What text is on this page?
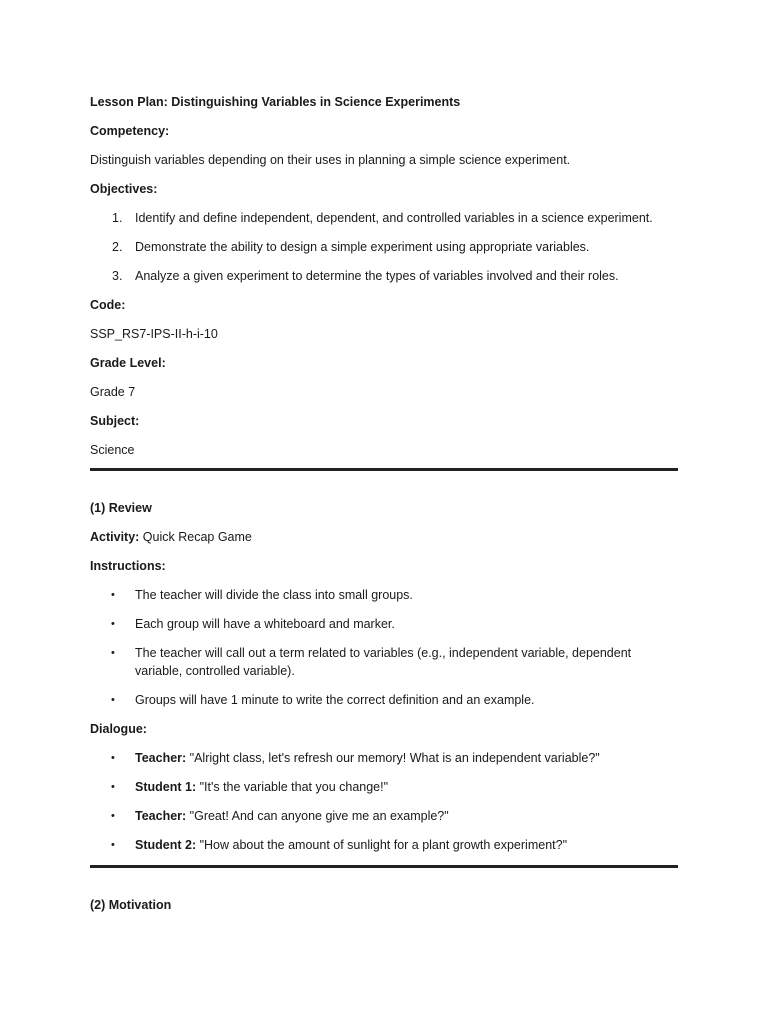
Lesson Plan: Distinguishing Variables in Science Experiments

Competency:

Distinguish variables depending on their uses in planning a simple science experiment.

Objectives:

1. Identify and define independent, dependent, and controlled variables in a science experiment.
2. Demonstrate the ability to design a simple experiment using appropriate variables.
3. Analyze a given experiment to determine the types of variables involved and their roles.

Code:

SSP_RS7-IPS-II-h-i-10

Grade Level:

Grade 7

Subject:

Science

(1) Review

Activity: Quick Recap Game

Instructions:

• The teacher will divide the class into small groups.
• Each group will have a whiteboard and marker.
• The teacher will call out a term related to variables (e.g., independent variable, dependent variable, controlled variable).
• Groups will have 1 minute to write the correct definition and an example.

Dialogue:

• Teacher: "Alright class, let's refresh our memory! What is an independent variable?"
• Student 1: "It's the variable that you change!"
• Teacher: "Great! And can anyone give me an example?"
• Student 2: "How about the amount of sunlight for a plant growth experiment?"

(2) Motivation
